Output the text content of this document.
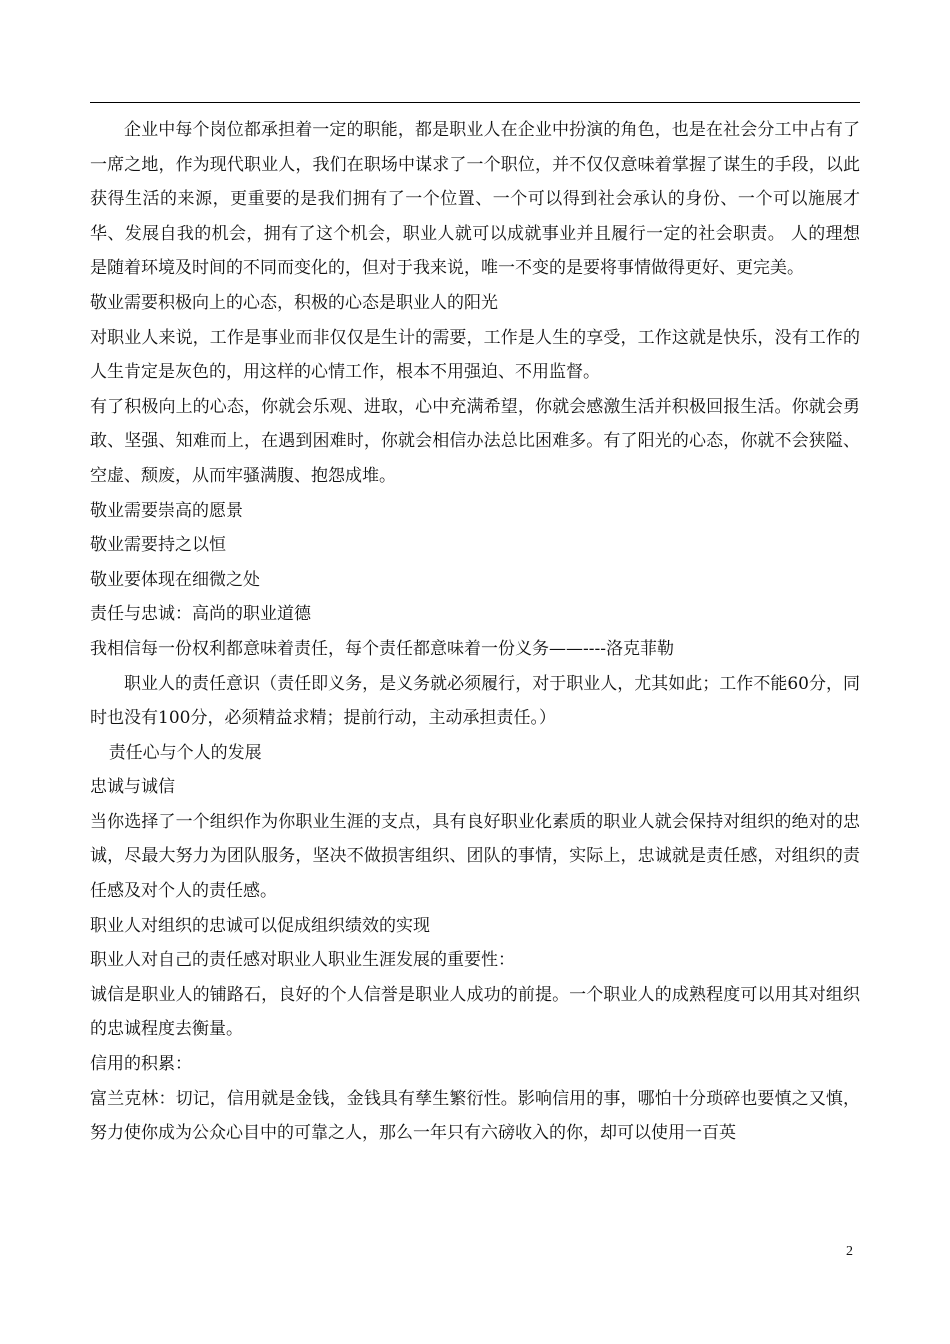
企业中每个岗位都承担着一定的职能，都是职业人在企业中扮演的角色，也是在社会分工中占有了一席之地，作为现代职业人，我们在职场中谋求了一个职位，并不仅仅意味着掌握了谋生的手段，以此获得生活的来源，更重要的是我们拥有了一个位置、一个可以得到社会承认的身份、一个可以施展才华、发展自我的机会，拥有了这个机会，职业人就可以成就事业并且履行一定的社会职责。 人的理想是随着环境及时间的不同而变化的，但对于我来说，唯一不变的是要将事情做得更好、更完美。

敬业需要积极向上的心态，积极的心态是职业人的阳光

对职业人来说，工作是事业而非仅仅是生计的需要，工作是人生的享受，工作这就是快乐，没有工作的人生肯定是灰色的，用这样的心情工作，根本不用强迫、不用监督。

有了积极向上的心态，你就会乐观、进取，心中充满希望，你就会感激生活并积极回报生活。你就会勇敢、坚强、知难而上，在遇到困难时，你就会相信办法总比困难多。有了阳光的心态，你就不会狭隘、空虚、颓废，从而牢骚满腹、抱怨成堆。

敬业需要崇高的愿景

敬业需要持之以恒

敬业要体现在细微之处

责任与忠诚：高尚的职业道德

我相信每一份权利都意味着责任，每个责任都意味着一份义务——----洛克菲勒

职业人的责任意识（责任即义务，是义务就必须履行，对于职业人，尤其如此；工作不能60分，同时也没有100分，必须精益求精；提前行动，主动承担责任。）

责任心与个人的发展

忠诚与诚信

当你选择了一个组织作为你职业生涯的支点，具有良好职业化素质的职业人就会保持对组织的绝对的忠诚，尽最大努力为团队服务，坚决不做损害组织、团队的事情，实际上，忠诚就是责任感，对组织的责任感及对个人的责任感。

职业人对组织的忠诚可以促成组织绩效的实现

职业人对自己的责任感对职业人职业生涯发展的重要性：

诚信是职业人的铺路石，良好的个人信誉是职业人成功的前提。一个职业人的成熟程度可以用其对组织的忠诚程度去衡量。

信用的积累：

富兰克林：切记，信用就是金钱，金钱具有孳生繁衍性。影响信用的事，哪怕十分琐碎也要慎之又慎，努力使你成为公众心目中的可靠之人，那么一年只有六磅收入的你，却可以使用一百英

2
